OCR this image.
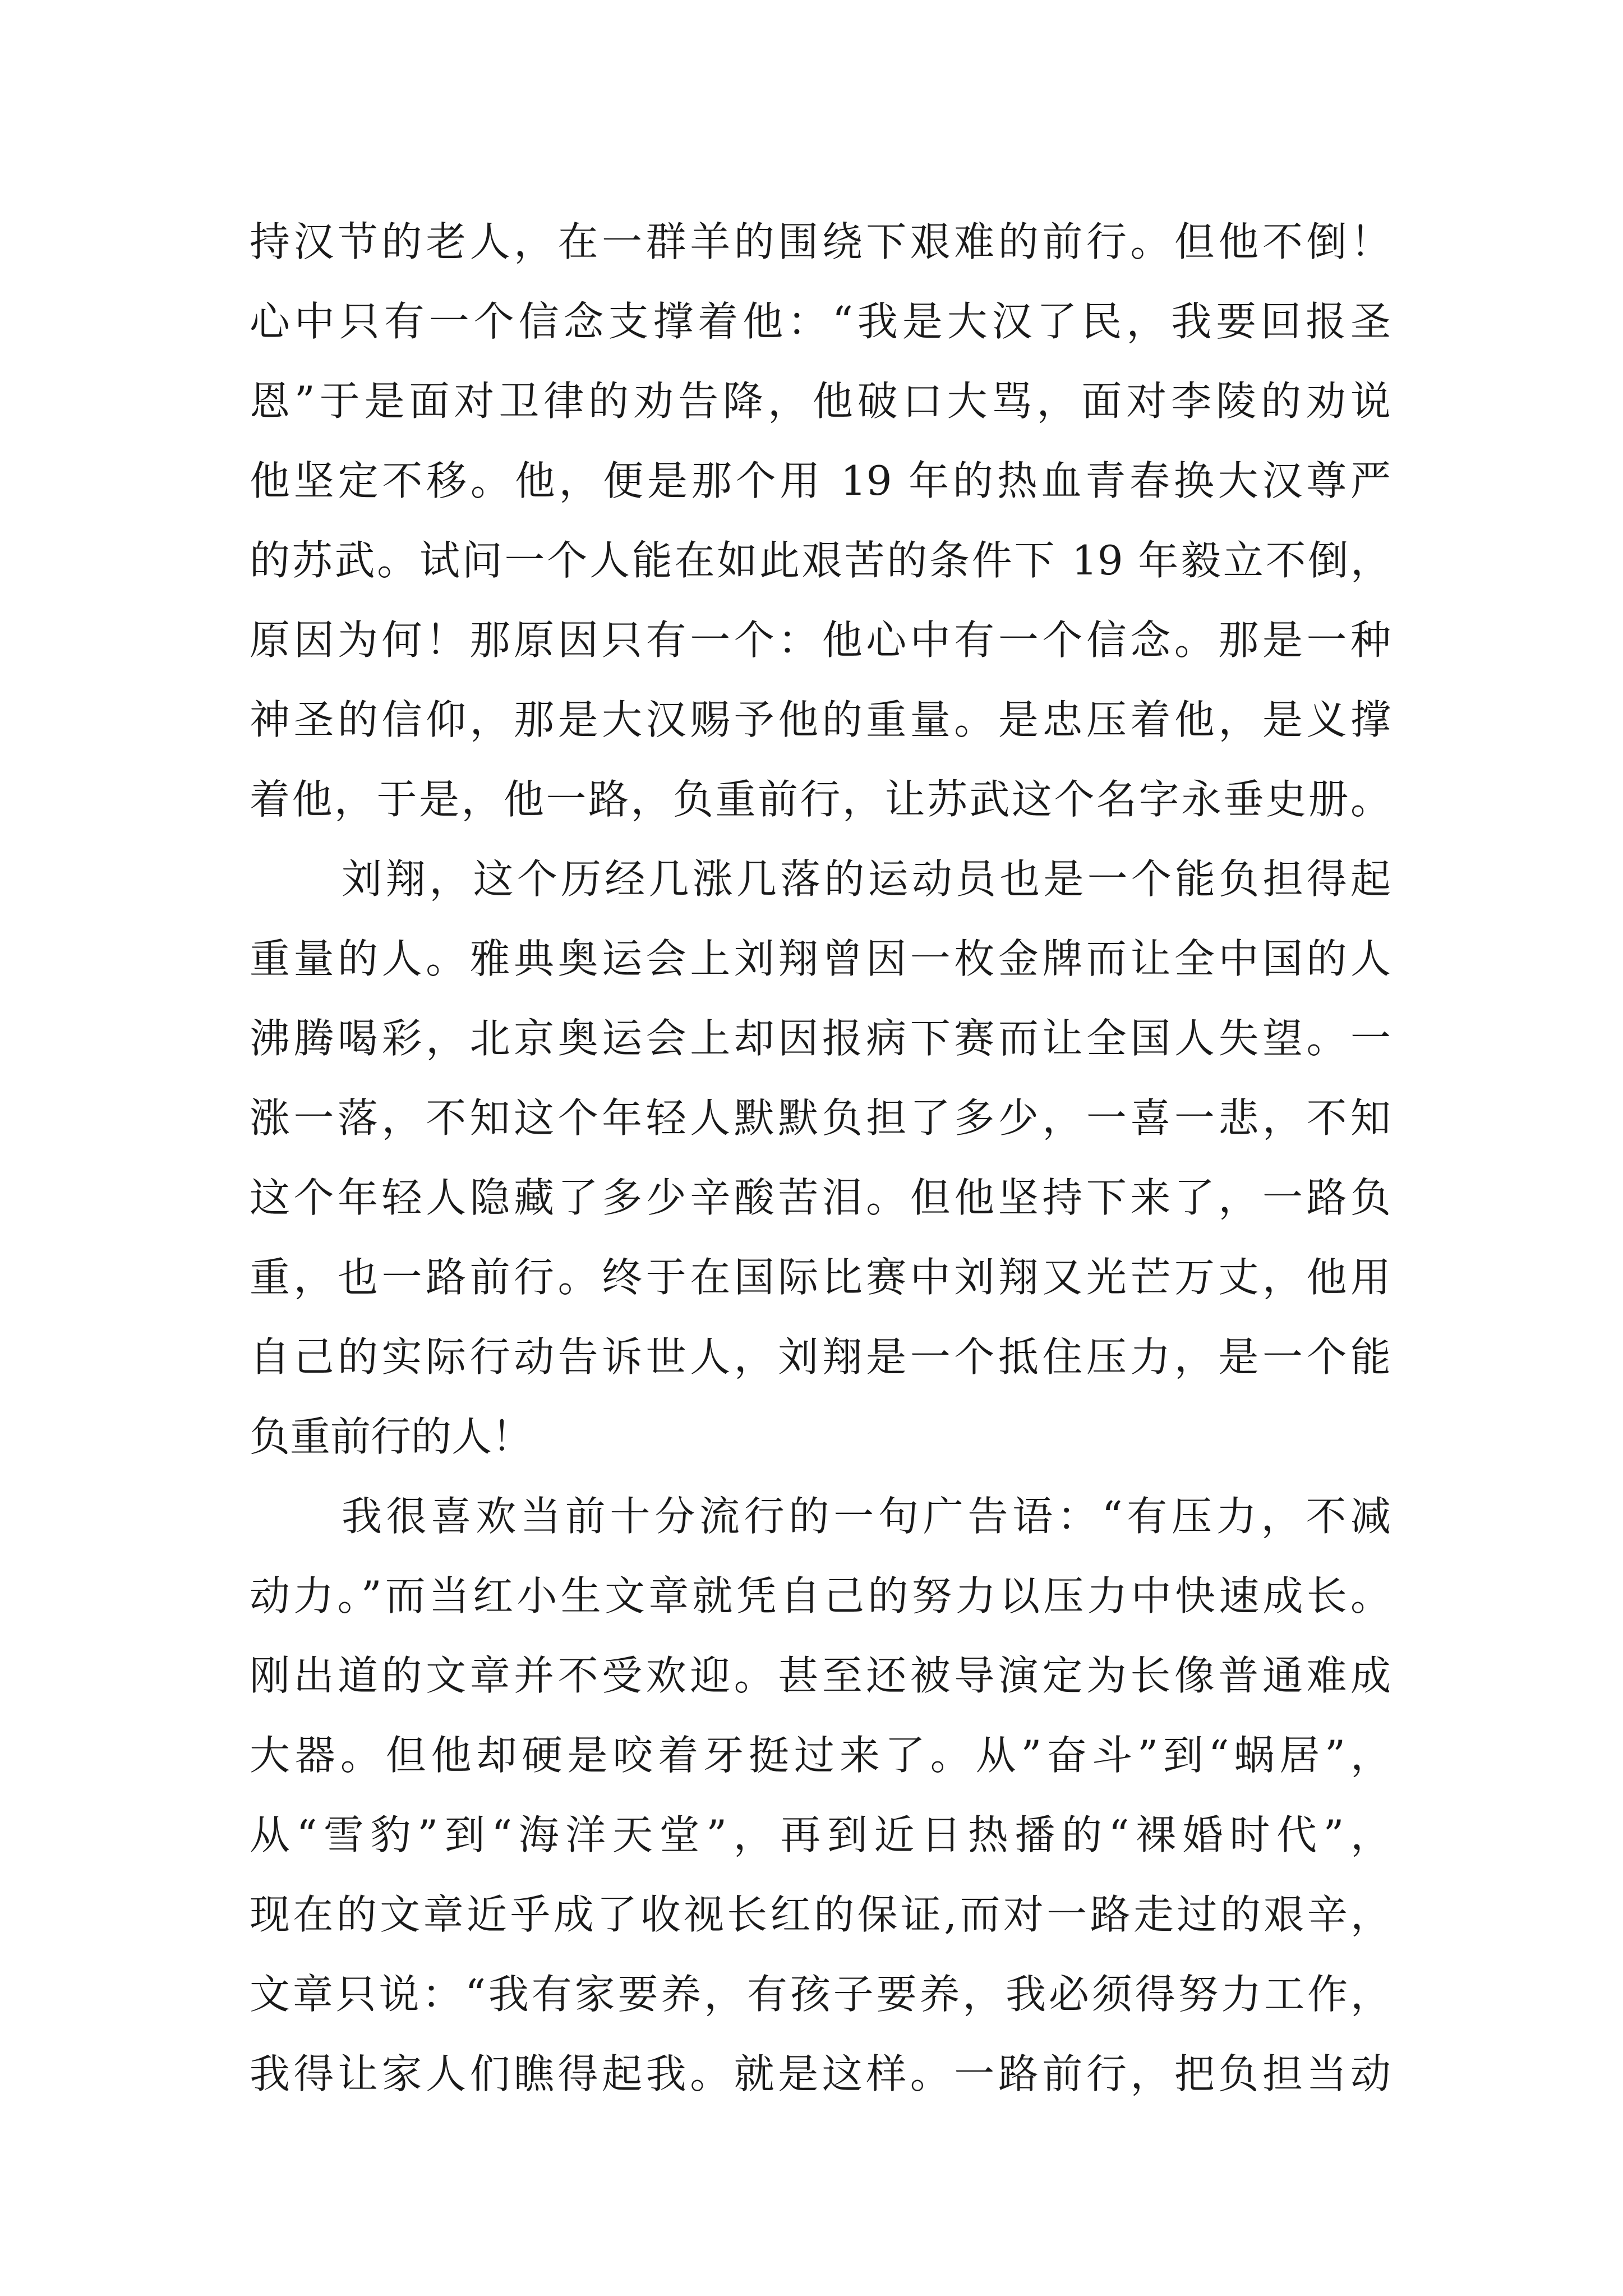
持汉节的老人，在一群羊的围绕下艰难的前行。但他不倒！
心中只有一个信念支撑着他：“我是大汉了民，我要回报圣
恩”于是面对卫律的劝告降，他破口大骂，面对李陵的劝说
他坚定不移。他，便是那个用 19 年的热血青春换大汉尊严
的苏武。试问一个人能在如此艰苦的条件下 19 年毅立不倒，
原因为何！那原因只有一个：他心中有一个信念。那是一种
神圣的信仰，那是大汉赐予他的重量。是忠压着他，是义撑
着他，于是，他一路，负重前行，让苏武这个名字永垂史册。
刘翔，这个历经几涨几落的运动员也是一个能负担得起
重量的人。雅典奥运会上刘翔曾因一枚金牌而让全中国的人
沸腾喝彩，北京奥运会上却因报病下赛而让全国人失望。一
涨一落，不知这个年轻人默默负担了多少，一喜一悲，不知
这个年轻人隐藏了多少辛酸苦泪。但他坚持下来了，一路负
重，也一路前行。终于在国际比赛中刘翔又光芒万丈，他用
自己的实际行动告诉世人，刘翔是一个抵住压力，是一个能
负重前行的人！
我很喜欢当前十分流行的一句广告语：“有压力，不减
动力。”而当红小生文章就凭自己的努力以压力中快速成长。
刚出道的文章并不受欢迎。甚至还被导演定为长像普通难成
大器。但他却硬是咬着牙挺过来了。从”奋斗”到“蜗居”，
从“雪豹”到“海洋天堂”，再到近日热播的“裸婚时代”，
现在的文章近乎成了收视长红的保证,而对一路走过的艰辛，
文章只说：“我有家要养，有孩子要养，我必须得努力工作，
我得让家人们瞧得起我。就是这样。一路前行，把负担当动
